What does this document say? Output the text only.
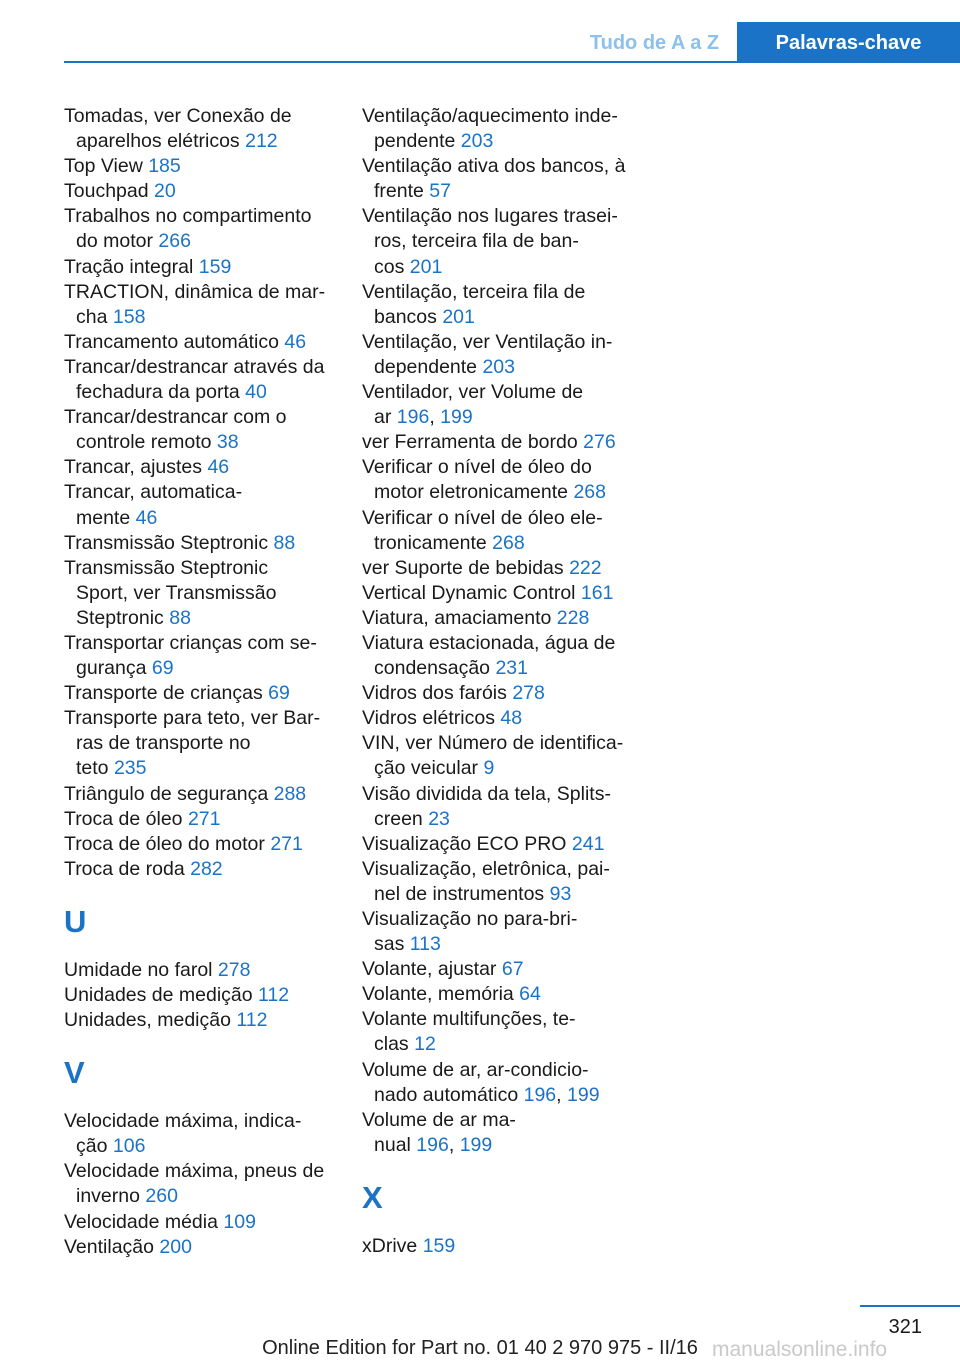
Tudo de A a Z	Palavras-chave
Tomadas, ver Conexão de
aparelhos elétricos 212
Top View 185
Touchpad 20
Trabalhos no compartimento
do motor 266
Tração integral 159
TRACTION, dinâmica de mar‐
cha 158
Trancamento automático 46
Trancar/destrancar através da
fechadura da porta 40
Trancar/destrancar com o
controle remoto 38
Trancar, ajustes 46
Trancar, automatica‐
mente 46
Transmissão Steptronic 88
Transmissão Steptronic
Sport, ver Transmissão
Steptronic 88
Transportar crianças com se‐
gurança 69
Transporte de crianças 69
Transporte para teto, ver Bar‐
ras de transporte no
teto 235
Triângulo de segurança 288
Troca de óleo 271
Troca de óleo do motor 271
Troca de roda 282
U
Umidade no farol 278
Unidades de medição 112
Unidades, medição 112
V
Velocidade máxima, indica‐
ção 106
Velocidade máxima, pneus de
inverno 260
Velocidade média 109
Ventilação 200
Ventilação/aquecimento inde‐
pendente 203
Ventilação ativa dos bancos, à
frente 57
Ventilação nos lugares trasei‐
ros, terceira fila de ban‐
cos 201
Ventilação, terceira fila de
bancos 201
Ventilação, ver Ventilação in‐
dependente 203
Ventilador, ver Volume de
ar 196, 199
ver Ferramenta de bordo 276
Verificar o nível de óleo do
motor eletronicamente 268
Verificar o nível de óleo ele‐
tronicamente 268
ver Suporte de bebidas 222
Vertical Dynamic Control 161
Viatura, amaciamento 228
Viatura estacionada, água de
condensação 231
Vidros dos faróis 278
Vidros elétricos 48
VIN, ver Número de identifica‐
ção veicular 9
Visão dividida da tela, Splits‐
creen 23
Visualização ECO PRO 241
Visualização, eletrônica, pai‐
nel de instrumentos 93
Visualização no para-bri‐
sas 113
Volante, ajustar 67
Volante, memória 64
Volante multifunções, te‐
clas 12
Volume de ar, ar-condicio‐
nado automático 196, 199
Volume de ar ma‐
nual 196, 199
X
xDrive 159
321
Online Edition for Part no. 01 40 2 970 975 - II/16 manualsonline.info
